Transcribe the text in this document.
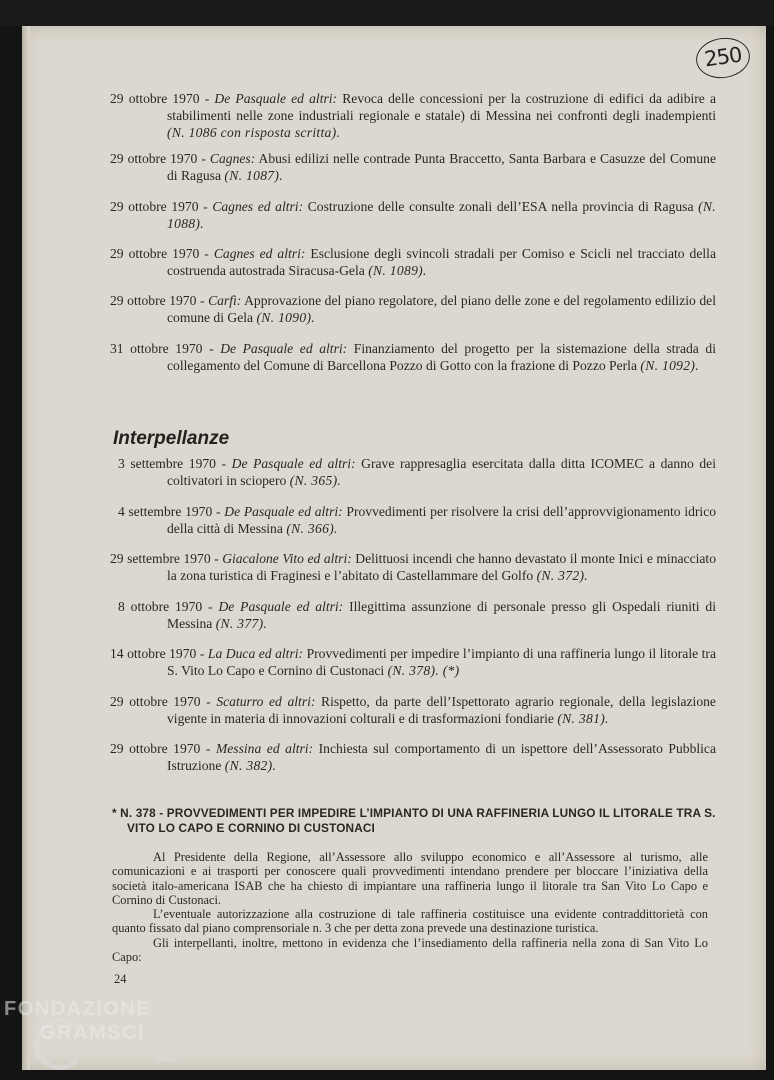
250

29 ottobre 1970 - De Pasquale ed altri: Revoca delle concessioni per la costruzione di edifici da adibire a stabilimenti nelle zone industriali regionale e statale) di Messina nei confronti degli inadempienti (N. 1086 con risposta scritta).

29 ottobre 1970 - Cagnes: Abusi edilizi nelle contrade Punta Braccetto, Santa Barbara e Casuzze del Comune di Ragusa (N. 1087).

29 ottobre 1970 - Cagnes ed altri: Costruzione delle consulte zonali dell’ESA nella provincia di Ragusa (N. 1088).

29 ottobre 1970 - Cagnes ed altri: Esclusione degli svincoli stradali per Comiso e Scicli nel tracciato della costruenda autostrada Siracusa-Gela (N. 1089).

29 ottobre 1970 - Carfì: Approvazione del piano regolatore, del piano delle zone e del regolamento edilizio del comune di Gela (N. 1090).

31 ottobre 1970 - De Pasquale ed altri: Finanziamento del progetto per la sistemazione della strada di collegamento del Comune di Barcellona Pozzo di Gotto con la frazione di Pozzo Perla (N. 1092).

Interpellanze

3 settembre 1970 - De Pasquale ed altri: Grave rappresaglia esercitata dalla ditta ICOMEC a danno dei coltivatori in sciopero (N. 365).

4 settembre 1970 - De Pasquale ed altri: Provvedimenti per risolvere la crisi dell’approvvigionamento idrico della città di Messina (N. 366).

29 settembre 1970 - Giacalone Vito ed altri: Delittuosi incendi che hanno devastato il monte Inici e minacciato la zona turistica di Fraginesi e l’abitato di Castellammare del Golfo (N. 372).

8 ottobre 1970 - De Pasquale ed altri: Illegittima assunzione di personale presso gli Ospedali riuniti di Messina (N. 377).

14 ottobre 1970 - La Duca ed altri: Provvedimenti per impedire l’impianto di una raffineria lungo il litorale tra S. Vito Lo Capo e Cornino di Custonaci (N. 378). (*)

29 ottobre 1970 - Scaturro ed altri: Rispetto, da parte dell’Ispettorato agrario regionale, della legislazione vigente in materia di innovazioni colturali e di trasformazioni fondiarie (N. 381).

29 ottobre 1970 - Messina ed altri: Inchiesta sul comportamento di un ispettore dell’Assessorato Pubblica Istruzione (N. 382).

* N. 378 - PROVVEDIMENTI PER IMPEDIRE L’IMPIANTO DI UNA RAFFINERIA LUNGO IL LITORALE TRA S. VITO LO CAPO E CORNINO DI CUSTONACI

Al Presidente della Regione, all’Assessore allo sviluppo economico e all’Assessore al turismo, alle comunicazioni e ai trasporti per conoscere quali provvedimenti intendano prendere per bloccare l’iniziativa della società italo-americana ISAB che ha chiesto di impiantare una raffineria lungo il litorale tra San Vito Lo Capo e Cornino di Custonaci.

L’eventuale autorizzazione alla costruzione di tale raffineria costituisce una evidente contraddittorietà con quanto fissato dal piano comprensoriale n. 3 che per detta zona prevede una destinazione turistica.

Gli interpellanti, inoltre, mettono in evidenza che l’insediamento della raffineria nella zona di San Vito Lo Capo:

24
FONDAZIONE
GRAMSCI
onlus
